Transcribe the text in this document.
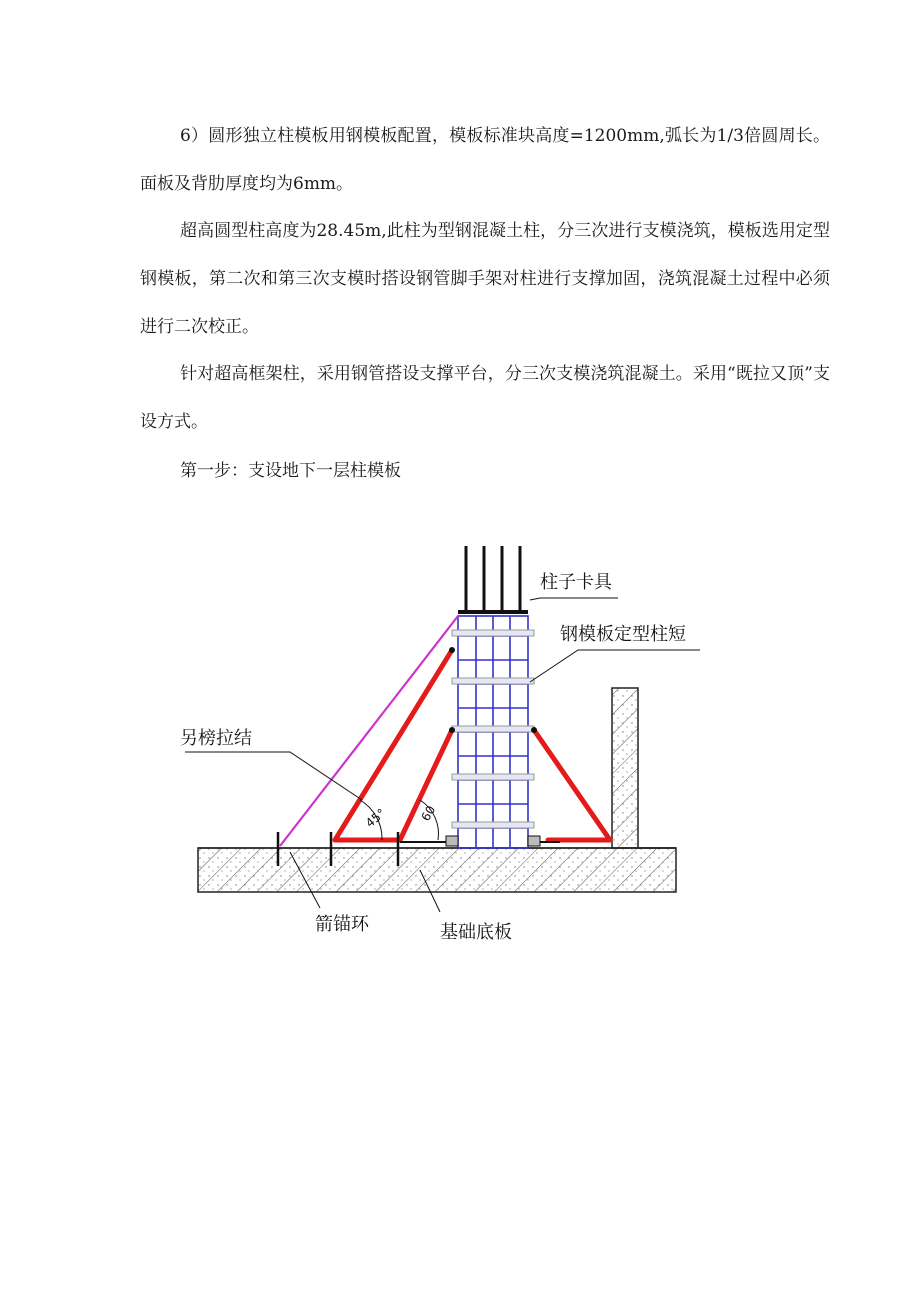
6）圆形独立柱模板用钢模板配置，模板标准块高度=1200mm,弧长为1/3倍圆周长。面板及背肋厚度均为6mm。

超高圆型柱高度为28.45m,此柱为型钢混凝土柱，分三次进行支模浇筑，模板选用定型钢模板，第二次和第三次支模时搭设钢管脚手架对柱进行支撑加固，浇筑混凝土过程中必须进行二次校正。

针对超高框架柱，采用钢管搭设支撑平台，分三次支模浇筑混凝土。采用“既拉又顶”支设方式。

第一步：支设地下一层柱模板

45°	60
柱子卡具
钢模板定型柱短
另榜拉结
箭锚环	基础底板
